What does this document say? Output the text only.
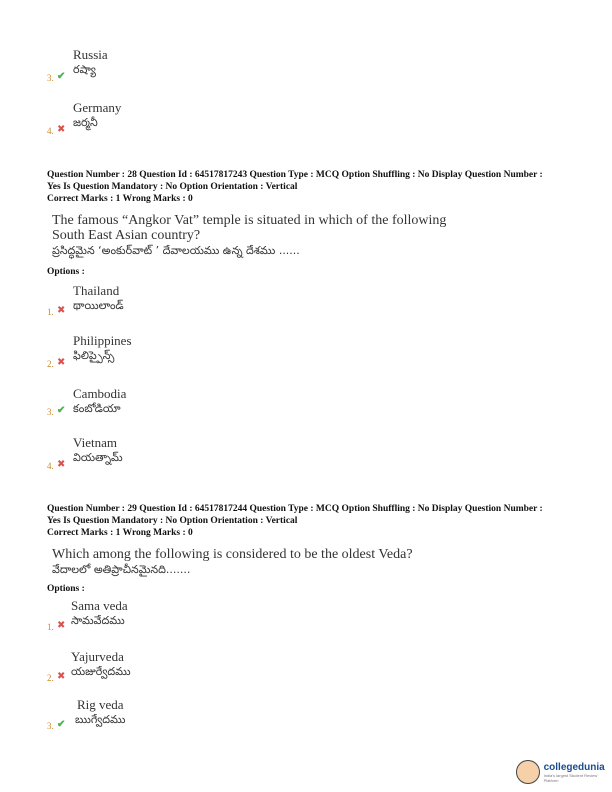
Russia
రష్యా
3. ✔
Germany
జర్మనీ
4. ✖
Question Number : 28 Question Id : 64517817243 Question Type : MCQ Option Shuffling : No Display Question Number :
Yes Is Question Mandatory : No Option Orientation : Vertical
Correct Marks : 1 Wrong Marks : 0
The famous “Angkor Vat” temple is situated in which of the following
South East Asian country?
ప్రసిద్ధమైన ‘అంకుర్‌వాట్ ’ దేవాలయము ఉన్న దేశము ......
Options :
Thailand
థాయిలాండ్
1. ✖
Philippines
ఫిలిప్పైన్స్
2. ✖
Cambodia
కంబోడియా
3. ✔
Vietnam
వియత్నామ్
4. ✖
Question Number : 29 Question Id : 64517817244 Question Type : MCQ Option Shuffling : No Display Question Number :
Yes Is Question Mandatory : No Option Orientation : Vertical
Correct Marks : 1 Wrong Marks : 0
Which among the following is considered to be the oldest Veda?
వేదాలలో అతిప్రాచీనమైనది.......
Options :
Sama veda
సామవేదము
1. ✖
Yajurveda
యజుర్వేదము
2. ✖
Rig veda
ఋగ్వేదము
3. ✔
collegedunia
India's largest Student Review Platform
